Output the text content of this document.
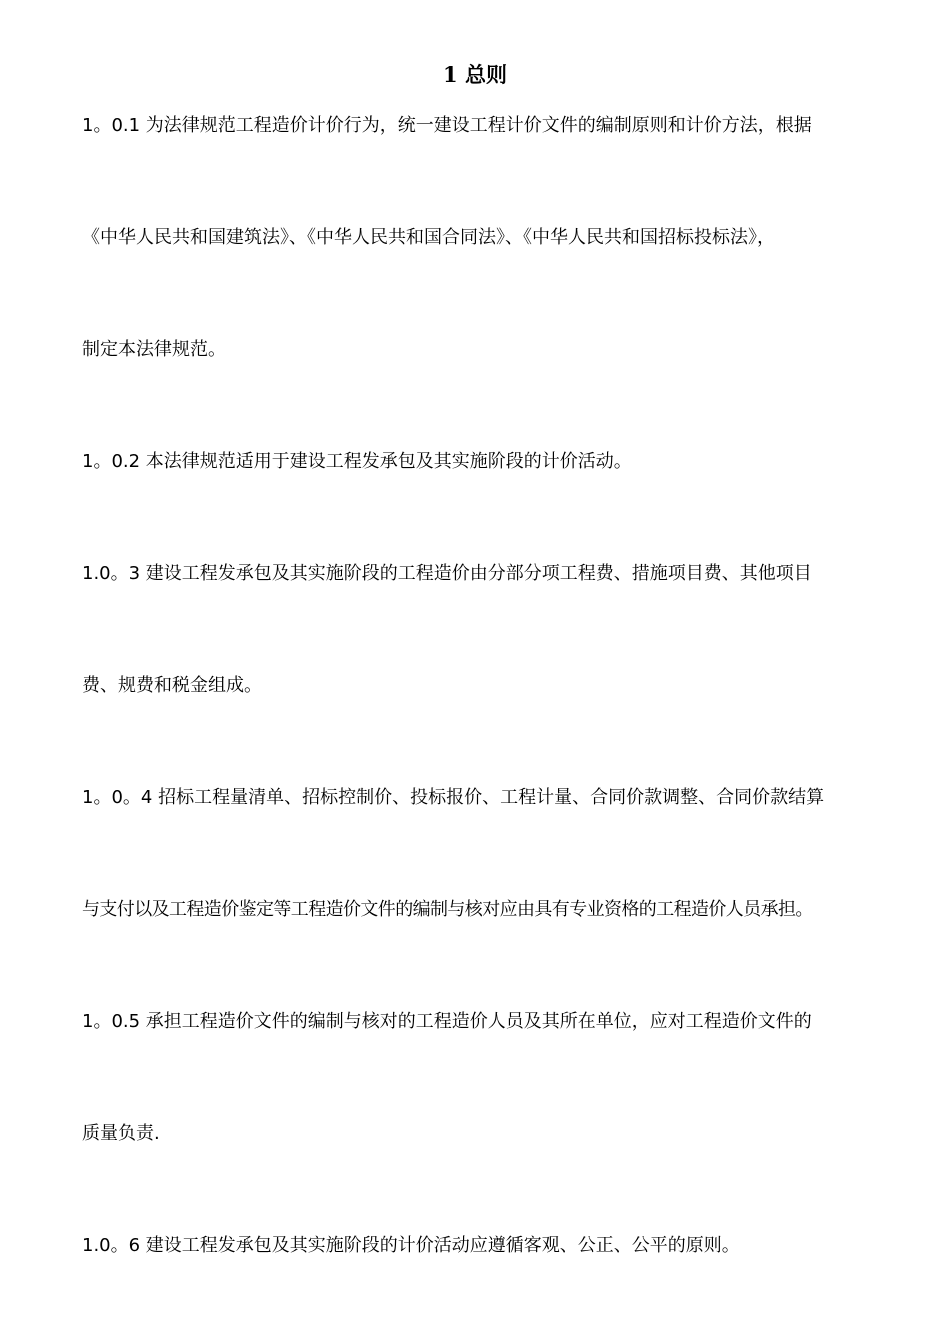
1 总则
1。0.1 为法律规范工程造价计价行为，统一建设工程计价文件的编制原则和计价方法，根据
《中华人民共和国建筑法》、《中华人民共和国合同法》、《中华人民共和国招标投标法》，
制定本法律规范。
1。0.2 本法律规范适用于建设工程发承包及其实施阶段的计价活动。
1.0。3 建设工程发承包及其实施阶段的工程造价由分部分项工程费、措施项目费、其他项目
费、规费和税金组成。
1。0。4 招标工程量清单、招标控制价、投标报价、工程计量、合同价款调整、合同价款结算
与支付以及工程造价鉴定等工程造价文件的编制与核对应由具有专业资格的工程造价人员承担。
1。0.5 承担工程造价文件的编制与核对的工程造价人员及其所在单位，应对工程造价文件的
质量负责.
1.0。6 建设工程发承包及其实施阶段的计价活动应遵循客观、公正、公平的原则。
